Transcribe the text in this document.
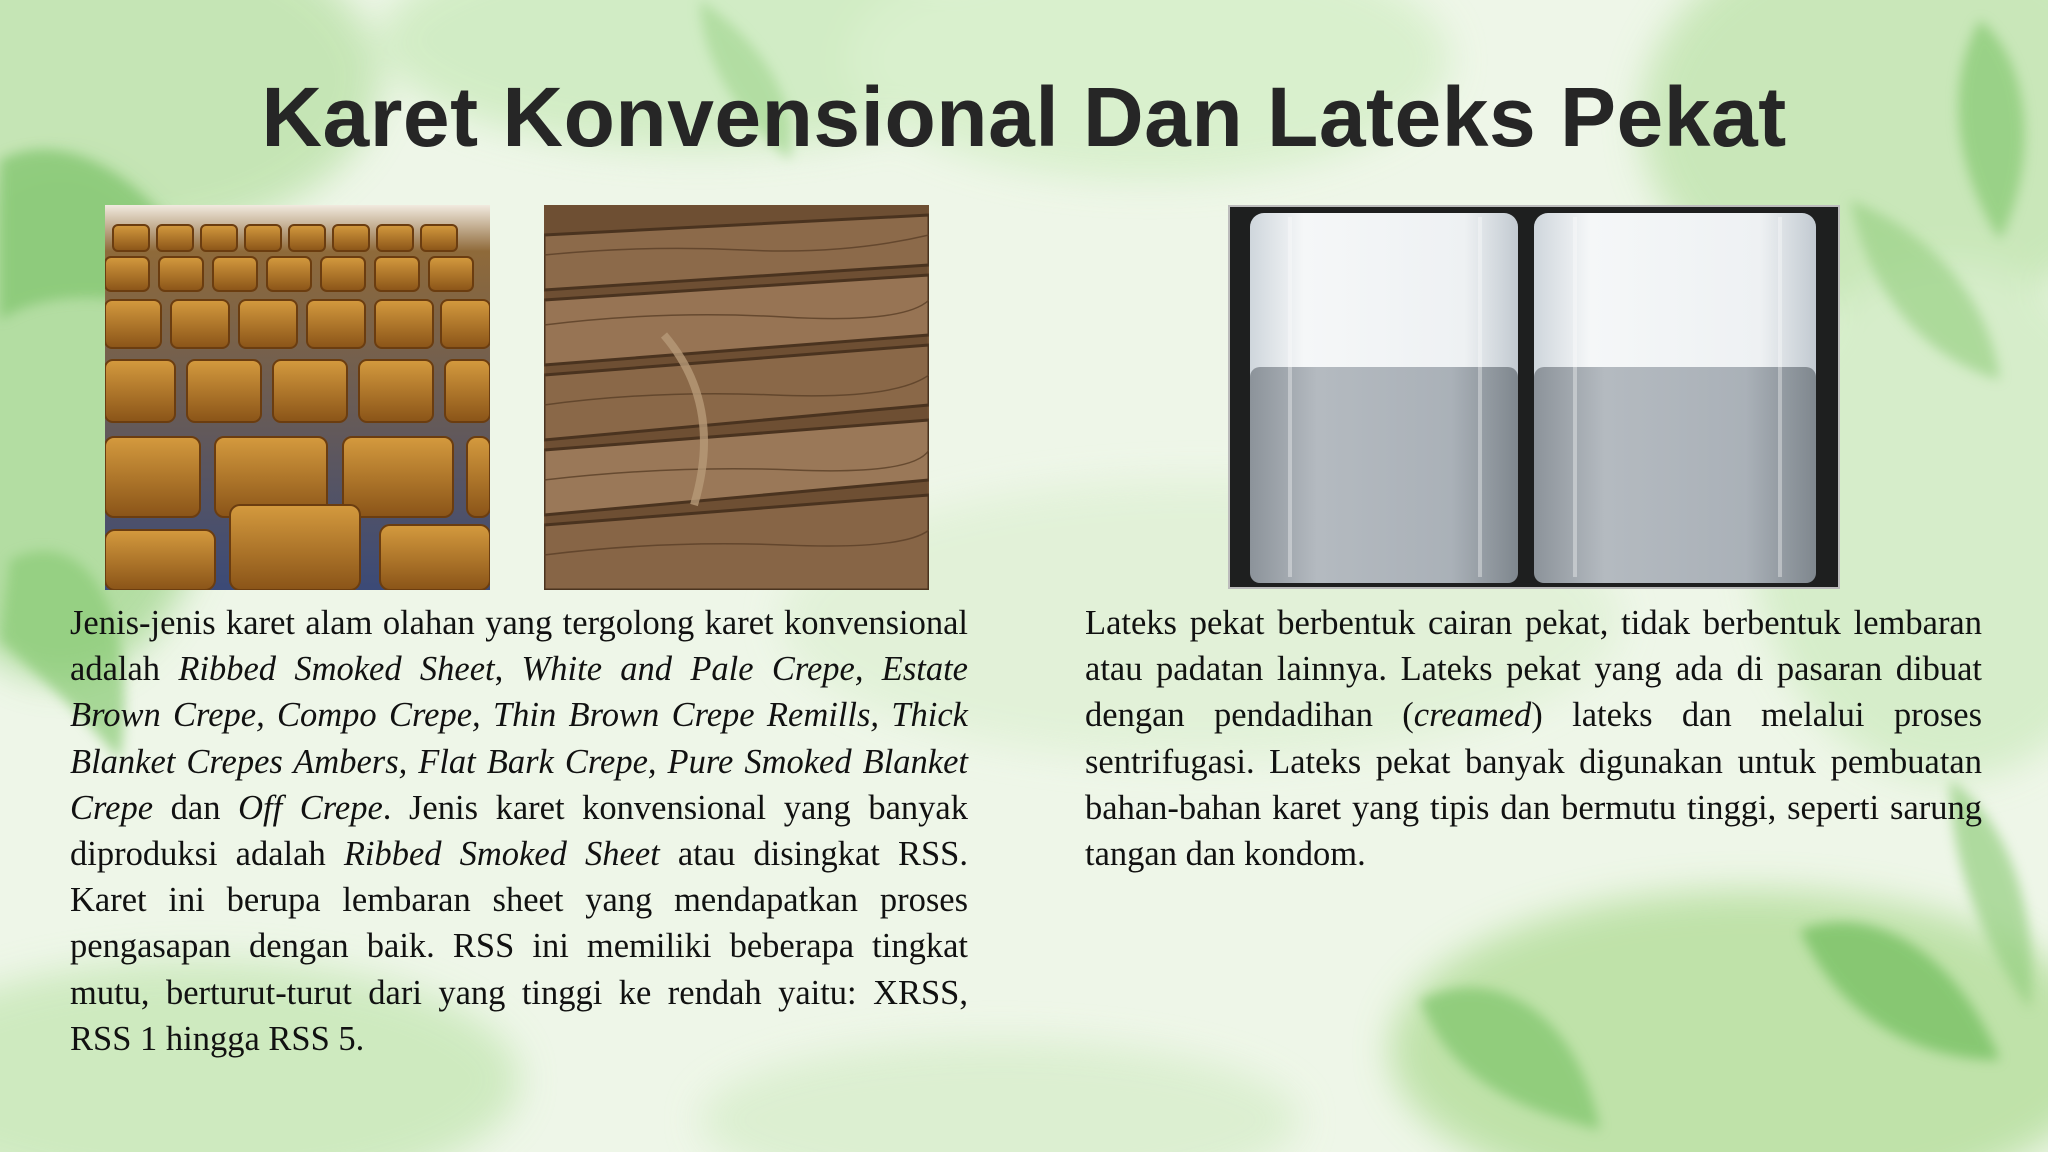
Karet Konvensional Dan Lateks Pekat

Jenis-jenis karet alam olahan yang tergolong karet konvensional adalah Ribbed Smoked Sheet, White and Pale Crepe, Estate Brown Crepe, Compo Crepe, Thin Brown Crepe Remills, Thick Blanket Crepes Ambers, Flat Bark Crepe, Pure Smoked Blanket Crepe dan Off Crepe. Jenis karet konvensional yang banyak diproduksi adalah Ribbed Smoked Sheet atau disingkat RSS. Karet ini berupa lembaran sheet yang mendapatkan proses pengasapan dengan baik. RSS ini memiliki beberapa tingkat mutu, berturut-turut dari yang tinggi ke rendah yaitu: XRSS, RSS 1 hingga RSS 5.

Lateks pekat berbentuk cairan pekat, tidak berbentuk lembaran atau padatan lainnya. Lateks pekat yang ada di pasaran dibuat dengan pendadihan (creamed) lateks dan melalui proses sentrifugasi. Lateks pekat banyak digunakan untuk pembuatan bahan-bahan karet yang tipis dan bermutu tinggi, seperti sarung tangan dan kondom.
